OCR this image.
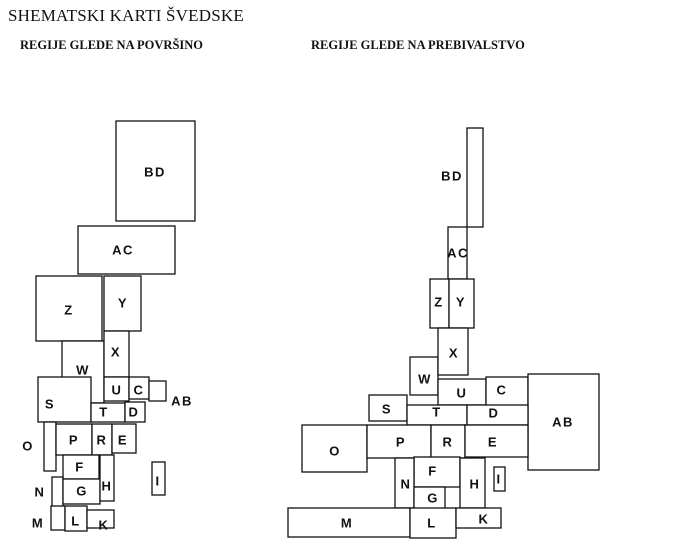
SHEMATSKI KARTI ŠVEDSKE
REGIJE GLEDE NA POVRŠINO	REGIJE GLEDE NA PREBIVALSTVO
BD
AC
Z	Y
W
X
U C
AB
S
T D
O	P R E
I
F
N G H
M L K
BD
AC
Z Y
W
X
U C
AB
S	T	D
O
P	R	E
I
F
N
G
H
M	L	K
